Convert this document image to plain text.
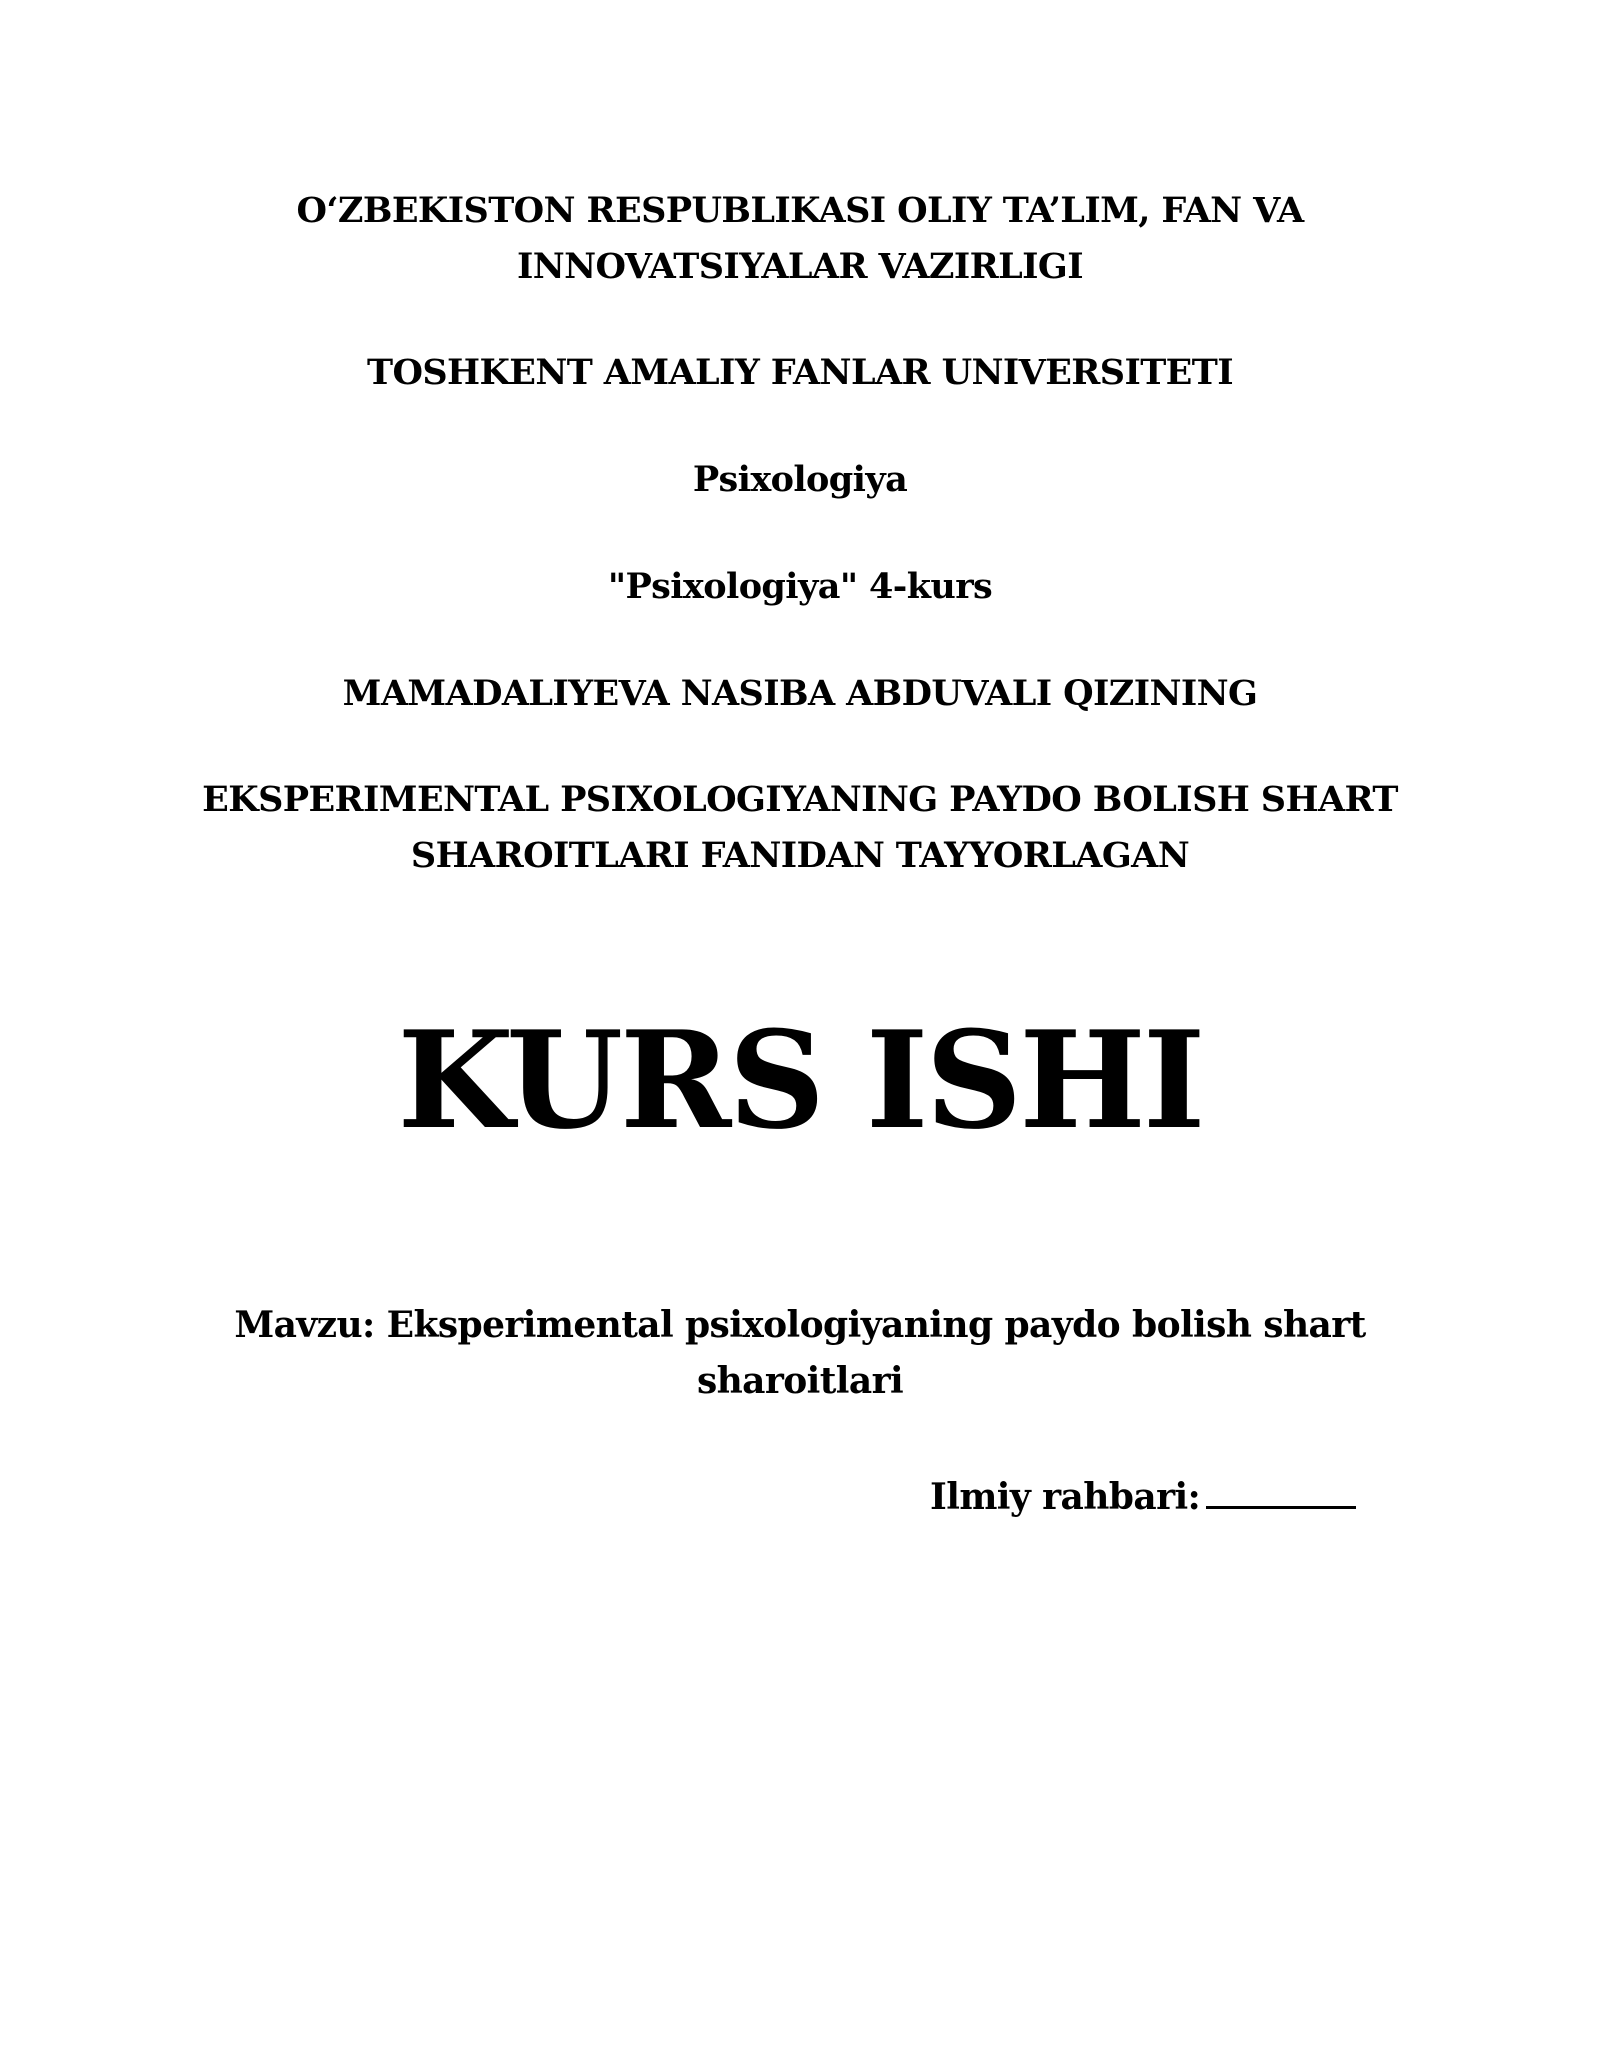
O‘ZBEKISTON RESPUBLIKASI OLIY TA’LIM, FAN VA
INNOVATSIYALAR VAZIRLIGI
TOSHKENT AMALIY FANLAR UNIVERSITETI
Psixologiya
"Psixologiya" 4-kurs
MAMADALIYEVA NASIBA ABDUVALI QIZINING
EKSPERIMENTAL PSIXOLOGIYANING PAYDO BOLISH SHART
SHAROITLARI FANIDAN TAYYORLAGAN
KURS ISHI
Mavzu: Eksperimental psixologiyaning paydo bolish shart
sharoitlari
Ilmiy rahbari:
